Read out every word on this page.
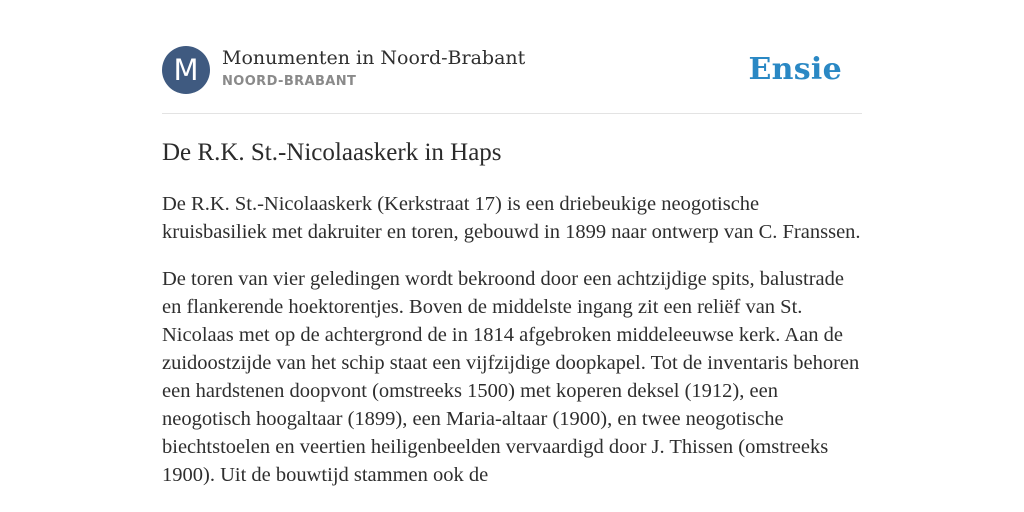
M	Monumenten in Noord-Brabant
NOORD-BRABANT	Ensie
De R.K. St.-Nicolaaskerk in Haps

De R.K. St.-Nicolaaskerk (Kerkstraat 17) is een driebeukige neogotische kruisbasiliek met dakruiter en toren, gebouwd in 1899 naar ontwerp van C. Franssen.

De toren van vier geledingen wordt bekroond door een achtzijdige spits, balustrade en flankerende hoektorentjes. Boven de middelste ingang zit een reliëf van St. Nicolaas met op de achtergrond de in 1814 afgebroken middeleeuwse kerk. Aan de zuidoostzijde van het schip staat een vijfzijdige doopkapel. Tot de inventaris behoren een hardstenen doopvont (omstreeks 1500) met koperen deksel (1912), een neogotisch hoogaltaar (1899), een Maria-altaar (1900), en twee neogotische biechtstoelen en veertien heiligenbeelden vervaardigd door J. Thissen (omstreeks 1900). Uit de bouwtijd stammen ook de
